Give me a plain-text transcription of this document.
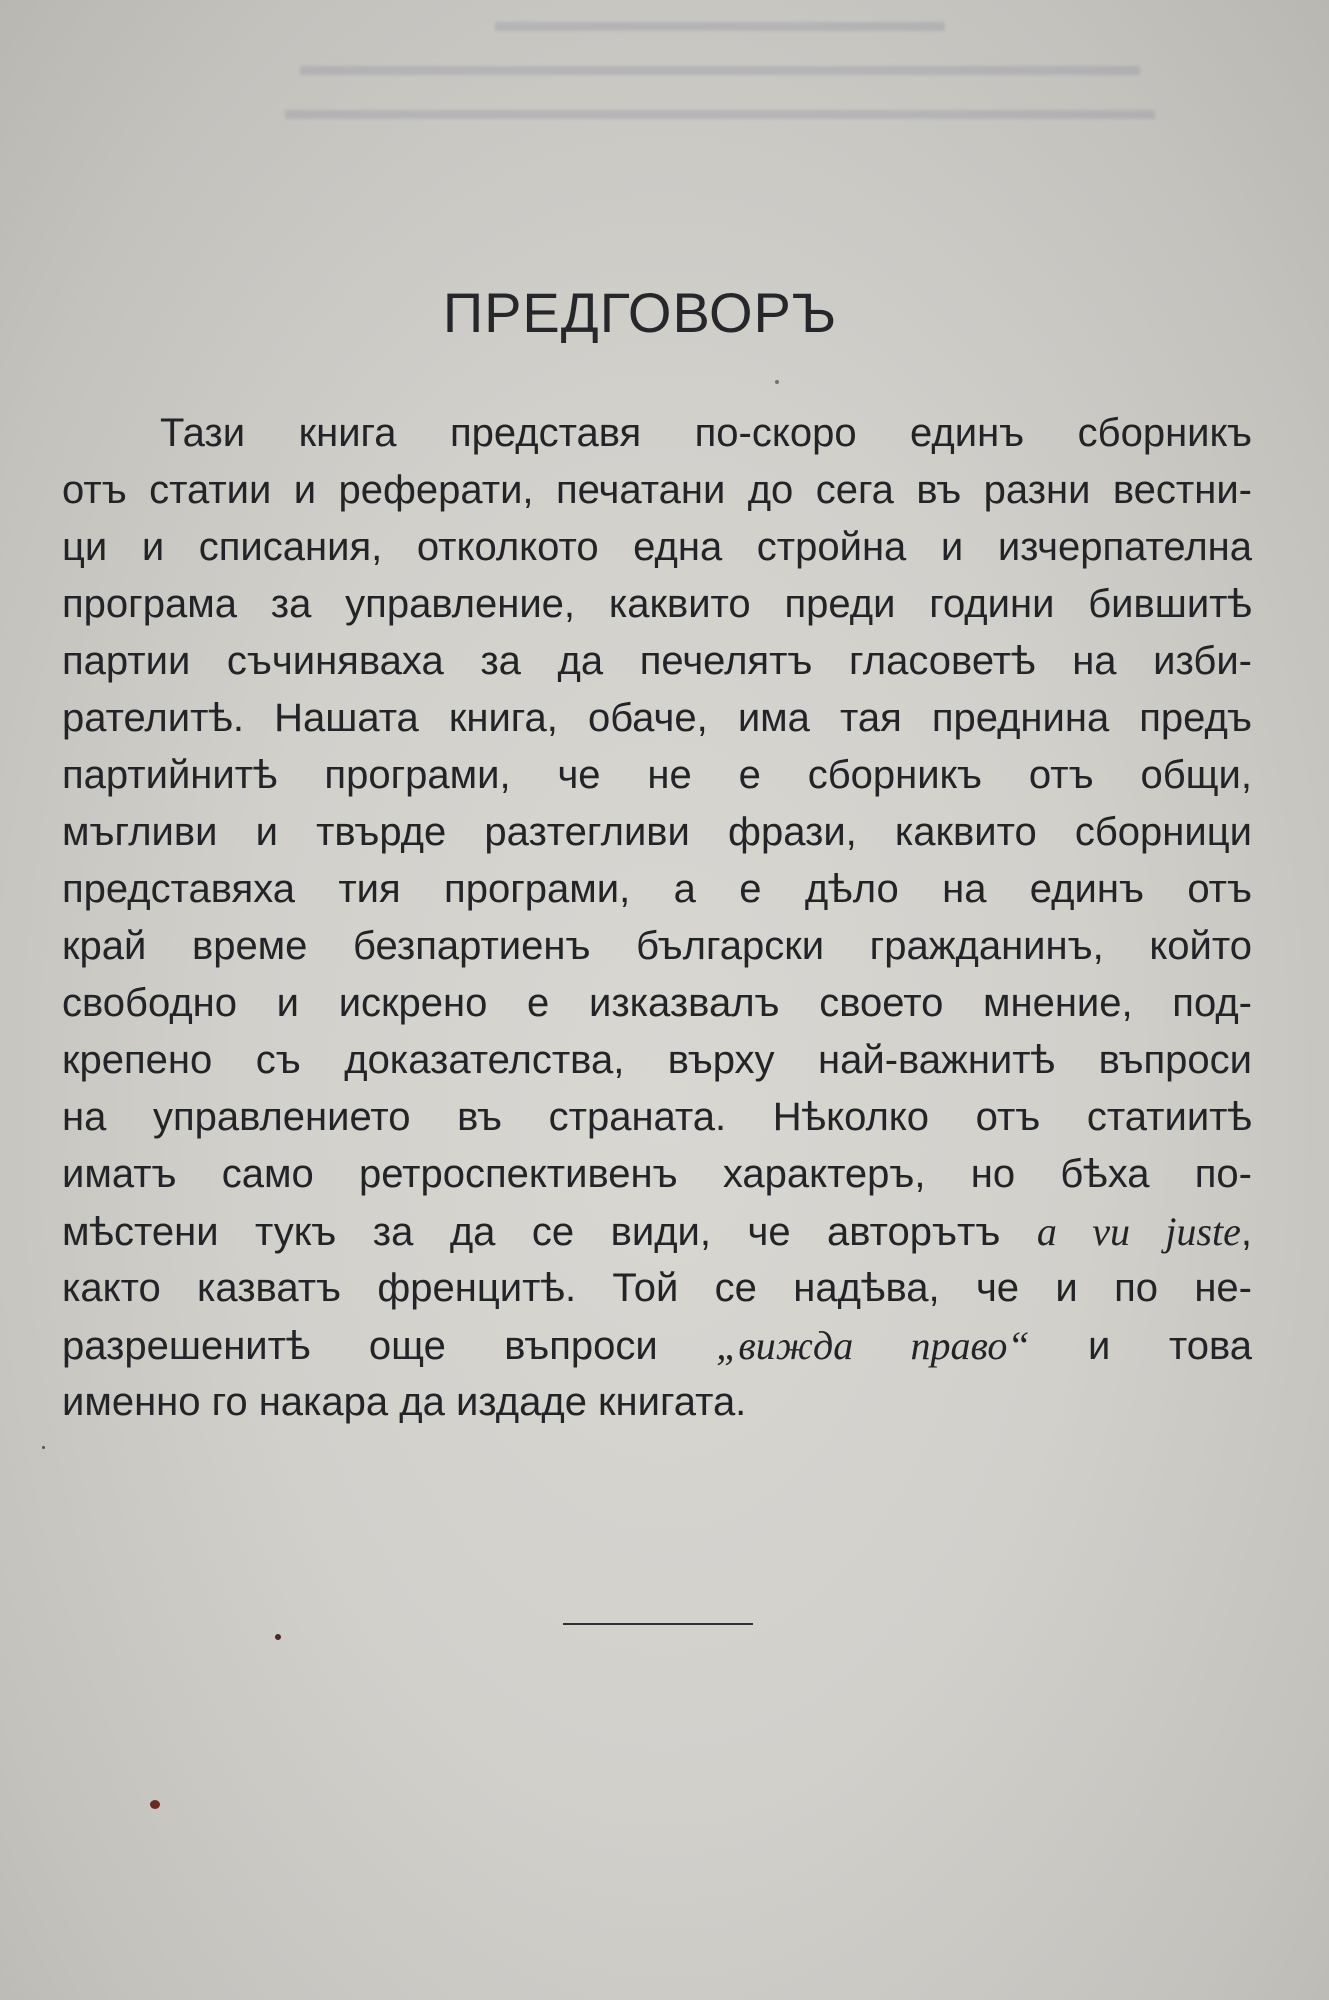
▬▬▬▬▬▬▬▬▬▬▬▬▬▬▬
▬▬▬▬▬▬▬▬▬▬▬▬▬▬▬▬▬▬▬▬▬▬▬▬▬▬▬▬
▬▬▬▬▬▬▬▬▬▬▬▬▬▬▬▬▬▬▬▬▬▬▬▬▬▬▬▬▬
ПРЕДГОВОРЪ
Тази книга представя по-скоро единъ сборникъ
отъ статии и реферати, печатани до сега въ разни вестни-
ци и списания, отколкото една стройна и изчерпателна
програма за управление, каквито преди години бившитѣ
партии съчиняваха за да печелятъ гласоветѣ на изби-
рателитѣ. Нашата книга, обаче, има тая преднина предъ
партийнитѣ програми, че не е сборникъ отъ общи,
мъгливи и твърде разтегливи фрази, каквито сборници
представяха тия програми, а е дѣло на единъ отъ
край време безпартиенъ български гражданинъ, който
свободно и искрено е изказвалъ своето мнение, под-
крепено съ доказателства, върху най-важнитѣ въпроси
на управлението въ страната. Нѣколко отъ статиитѣ
иматъ само ретроспективенъ характеръ, но бѣха по-
мѣстени тукъ за да се види, че авторътъ a vu juste,
както казватъ френцитѣ. Той се надѣва, че и по не-
разрешенитѣ още въпроси „вижда право“ и това
именно го накара да издаде книгата.
